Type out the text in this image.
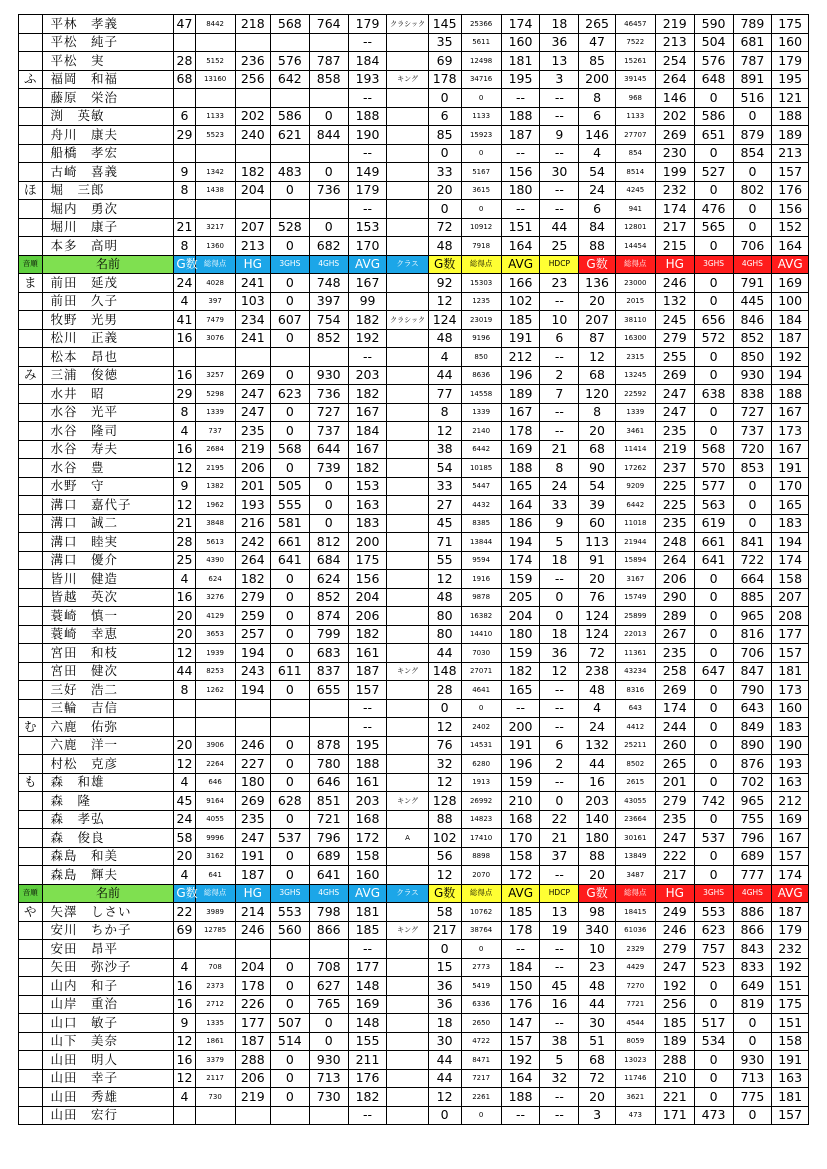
	平林　孝義	47	8442	218	568	764	179	クラシック	145	25366	174	18	265	46457	219	590	789	175
	平松　純子						--		35	5611	160	36	47	7522	213	504	681	160
	平松　実	28	5152	236	576	787	184		69	12498	181	13	85	15261	254	576	787	179
ふ	福岡　和福	68	13160	256	642	858	193	キング	178	34716	195	3	200	39145	264	648	891	195
	藤原　栄治						--		0	0	--	--	8	968	146	0	516	121
	渕　英敏	6	1133	202	586	0	188		6	1133	188	--	6	1133	202	586	0	188
	舟川　康夫	29	5523	240	621	844	190		85	15923	187	9	146	27707	269	651	879	189
	船橋　孝宏						--		0	0	--	--	4	854	230	0	854	213
	古崎　喜義	9	1342	182	483	0	149		33	5167	156	30	54	8514	199	527	0	157
ほ	堀　三郎	8	1438	204	0	736	179		20	3615	180	--	24	4245	232	0	802	176
	堀内　勇次						--		0	0	--	--	6	941	174	476	0	156
	堀川　康子	21	3217	207	528	0	153		72	10912	151	44	84	12801	217	565	0	152
	本多　高明	8	1360	213	0	682	170		48	7918	164	25	88	14454	215	0	706	164
音順	名前	G数	総得点	HG	3GHS	4GHS	AVG	クラス	G数	総得点	AVG	HDCP	G数	総得点	HG	3GHS	4GHS	AVG
ま	前田　延茂	24	4028	241	0	748	167		92	15303	166	23	136	23000	246	0	791	169
	前田　久子	4	397	103	0	397	99		12	1235	102	--	20	2015	132	0	445	100
	牧野　光男	41	7479	234	607	754	182	クラシック	124	23019	185	10	207	38110	245	656	846	184
	松川　正義	16	3076	241	0	852	192		48	9196	191	6	87	16300	279	572	852	187
	松本　昂也						--		4	850	212	--	12	2315	255	0	850	192
み	三浦　俊徳	16	3257	269	0	930	203		44	8636	196	2	68	13245	269	0	930	194
	水井　昭	29	5298	247	623	736	182		77	14558	189	7	120	22592	247	638	838	188
	水谷　光平	8	1339	247	0	727	167		8	1339	167	--	8	1339	247	0	727	167
	水谷　隆司	4	737	235	0	737	184		12	2140	178	--	20	3461	235	0	737	173
	水谷　寿夫	16	2684	219	568	644	167		38	6442	169	21	68	11414	219	568	720	167
	水谷　豊	12	2195	206	0	739	182		54	10185	188	8	90	17262	237	570	853	191
	水野　守	9	1382	201	505	0	153		33	5447	165	24	54	9209	225	577	0	170
	溝口　嘉代子	12	1962	193	555	0	163		27	4432	164	33	39	6442	225	563	0	165
	溝口　誠二	21	3848	216	581	0	183		45	8385	186	9	60	11018	235	619	0	183
	溝口　睦実	28	5613	242	661	812	200		71	13844	194	5	113	21944	248	661	841	194
	溝口　優介	25	4390	264	641	684	175		55	9594	174	18	91	15894	264	641	722	174
	皆川　健造	4	624	182	0	624	156		12	1916	159	--	20	3167	206	0	664	158
	皆越　英次	16	3276	279	0	852	204		48	9878	205	0	76	15749	290	0	885	207
	蓑崎　慎一	20	4129	259	0	874	206		80	16382	204	0	124	25899	289	0	965	208
	蓑崎　幸恵	20	3653	257	0	799	182		80	14410	180	18	124	22013	267	0	816	177
	宮田　和枝	12	1939	194	0	683	161		44	7030	159	36	72	11361	235	0	706	157
	宮田　健次	44	8253	243	611	837	187	キング	148	27071	182	12	238	43234	258	647	847	181
	三好　浩二	8	1262	194	0	655	157		28	4641	165	--	48	8316	269	0	790	173
	三輪　吉信						--		0	0	--	--	4	643	174	0	643	160
む	六鹿　佑弥						--		12	2402	200	--	24	4412	244	0	849	183
	六鹿　洋一	20	3906	246	0	878	195		76	14531	191	6	132	25211	260	0	890	190
	村松　克彦	12	2264	227	0	780	188		32	6280	196	2	44	8502	265	0	876	193
も	森　和雄	4	646	180	0	646	161		12	1913	159	--	16	2615	201	0	702	163
	森　隆	45	9164	269	628	851	203	キング	128	26992	210	0	203	43055	279	742	965	212
	森　孝弘	24	4055	235	0	721	168		88	14823	168	22	140	23664	235	0	755	169
	森　俊良	58	9996	247	537	796	172	A	102	17410	170	21	180	30161	247	537	796	167
	森島　和美	20	3162	191	0	689	158		56	8898	158	37	88	13849	222	0	689	157
	森島　輝夫	4	641	187	0	641	160		12	2070	172	--	20	3487	217	0	777	174
音順	名前	G数	総得点	HG	3GHS	4GHS	AVG	クラス	G数	総得点	AVG	HDCP	G数	総得点	HG	3GHS	4GHS	AVG
や	矢澤　しさい	22	3989	214	553	798	181		58	10762	185	13	98	18415	249	553	886	187
	安川　ちか子	69	12785	246	560	866	185	キング	217	38764	178	19	340	61036	246	623	866	179
	安田　昂平						--		0	0	--	--	10	2329	279	757	843	232
	矢田　弥沙子	4	708	204	0	708	177		15	2773	184	--	23	4429	247	523	833	192
	山内　和子	16	2373	178	0	627	148		36	5419	150	45	48	7270	192	0	649	151
	山岸　重治	16	2712	226	0	765	169		36	6336	176	16	44	7721	256	0	819	175
	山口　敏子	9	1335	177	507	0	148		18	2650	147	--	30	4544	185	517	0	151
	山下　美奈	12	1861	187	514	0	155		30	4722	157	38	51	8059	189	534	0	158
	山田　明人	16	3379	288	0	930	211		44	8471	192	5	68	13023	288	0	930	191
	山田　幸子	12	2117	206	0	713	176		44	7217	164	32	72	11746	210	0	713	163
	山田　秀雄	4	730	219	0	730	182		12	2261	188	--	20	3621	221	0	775	181
	山田　宏行						--		0	0	--	--	3	473	171	473	0	157
